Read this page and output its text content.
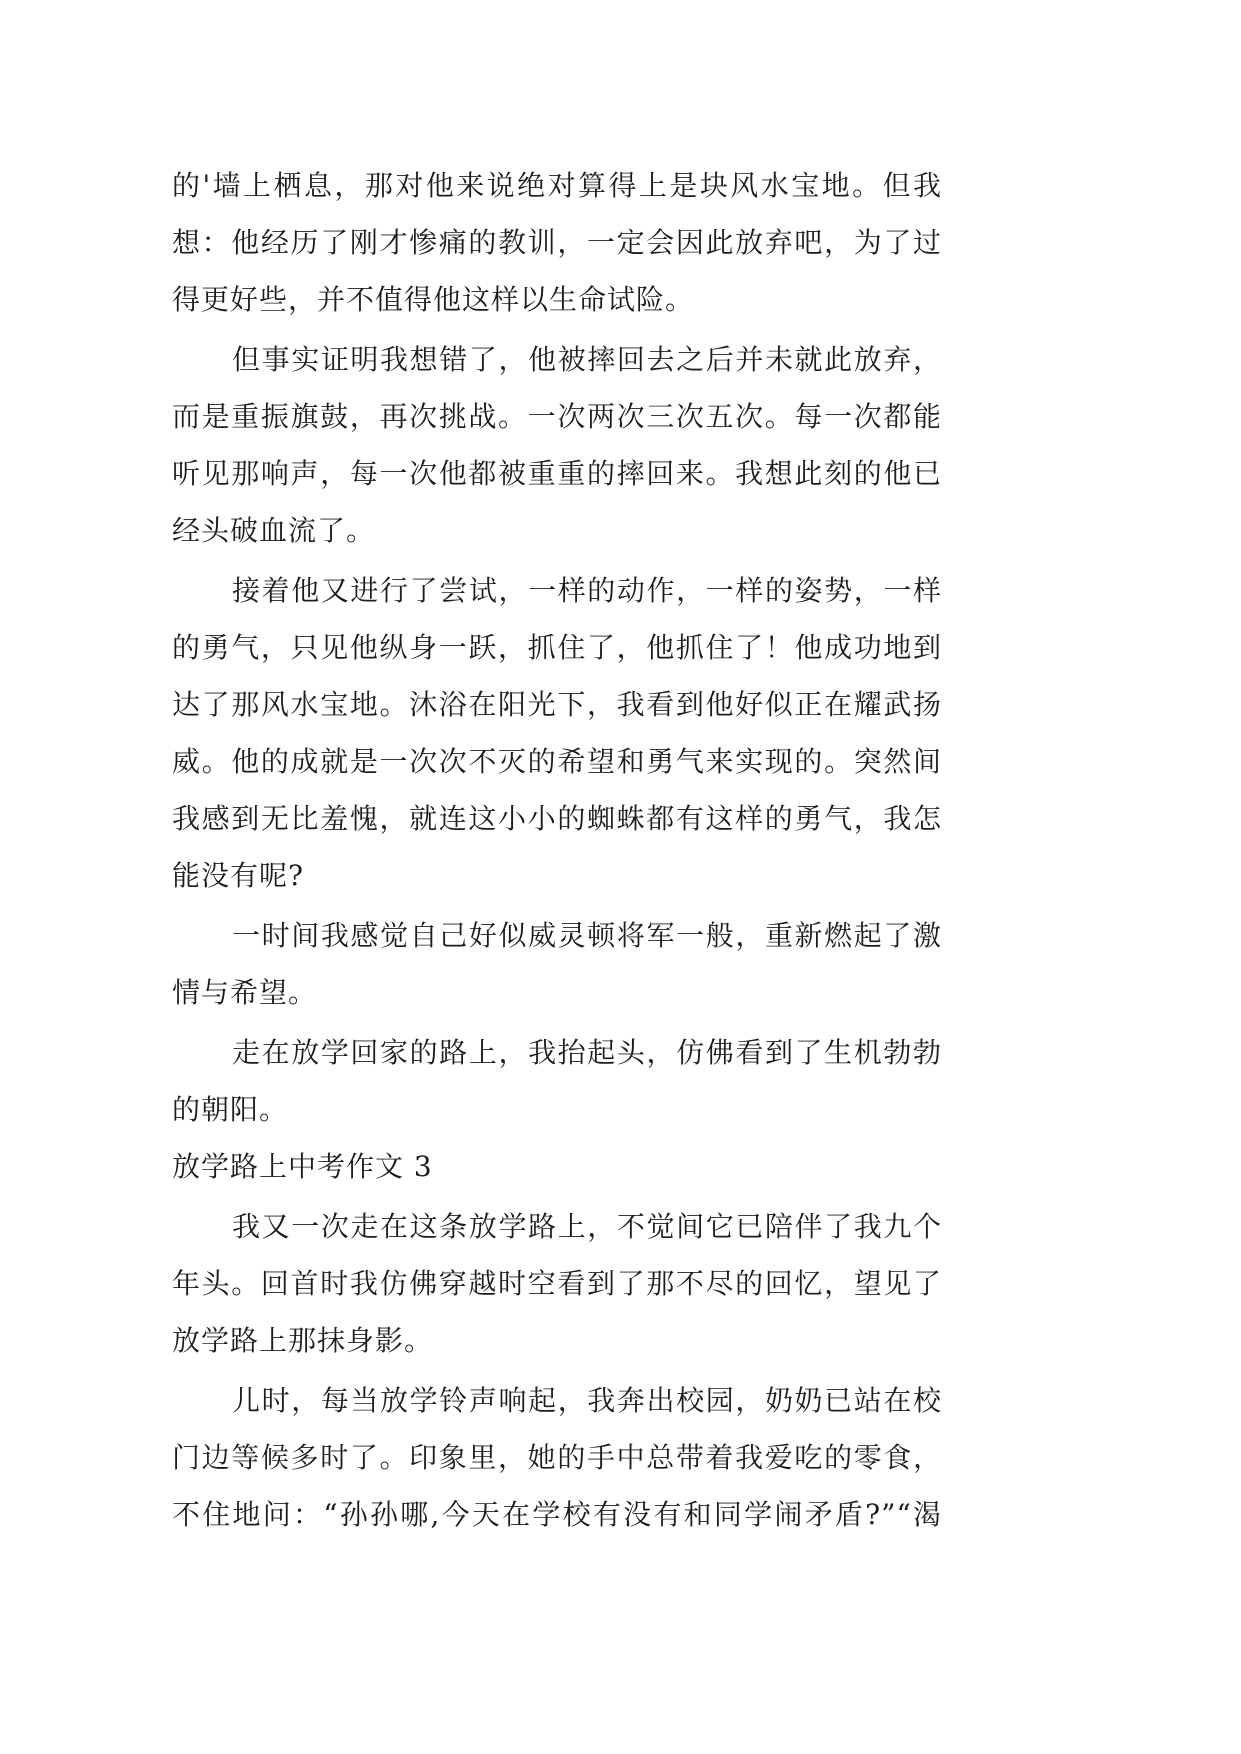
的'墙上栖息，那对他来说绝对算得上是块风水宝地。但我
想：他经历了刚才惨痛的教训，一定会因此放弃吧，为了过
得更好些，并不值得他这样以生命试险。
但事实证明我想错了，他被摔回去之后并未就此放弃，
而是重振旗鼓，再次挑战。一次两次三次五次。每一次都能
听见那响声，每一次他都被重重的摔回来。我想此刻的他已
经头破血流了。
接着他又进行了尝试，一样的动作，一样的姿势，一样
的勇气，只见他纵身一跃，抓住了，他抓住了！他成功地到
达了那风水宝地。沐浴在阳光下，我看到他好似正在耀武扬
威。他的成就是一次次不灭的希望和勇气来实现的。突然间
我感到无比羞愧，就连这小小的蜘蛛都有这样的勇气，我怎
能没有呢?
一时间我感觉自己好似威灵顿将军一般，重新燃起了激
情与希望。
走在放学回家的路上，我抬起头，仿佛看到了生机勃勃
的朝阳。
放学路上中考作文 3
我又一次走在这条放学路上，不觉间它已陪伴了我九个
年头。回首时我仿佛穿越时空看到了那不尽的回忆，望见了
放学路上那抹身影。
儿时，每当放学铃声响起，我奔出校园，奶奶已站在校
门边等候多时了。印象里，她的手中总带着我爱吃的零食，
不住地问：“孙孙哪,今天在学校有没有和同学闹矛盾?”“渴
